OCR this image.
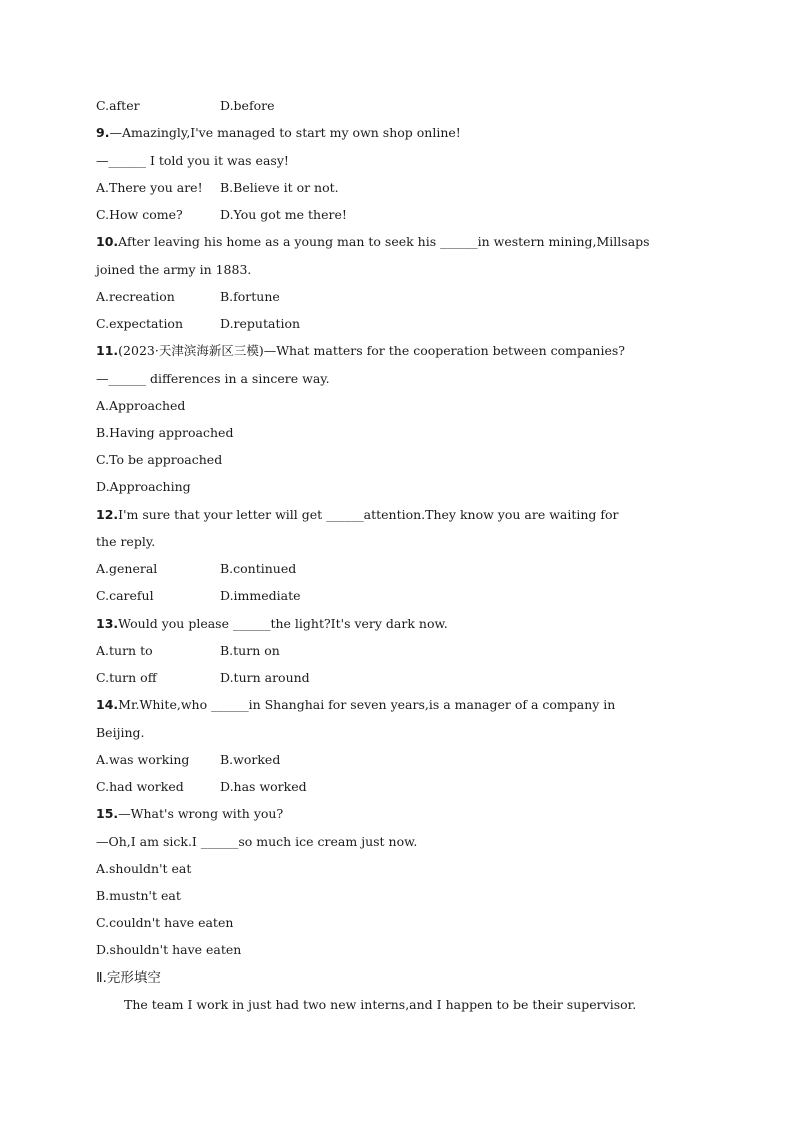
C.after	D.before
9.—Amazingly,I've managed to start my own shop online!
—______ I told you it was easy!
A.There you are! B.Believe it or not.
C.How come?	D.You got me there!
10.After leaving his home as a young man to seek his ______in western mining,Millsaps
joined the army in 1883.
A.recreation	B.fortune
C.expectation	D.reputation
11.(2023·天津滨海新区三模)—What matters for the cooperation between companies?
—______ differences in a sincere way.
A.Approached
B.Having approached
C.To be approached
D.Approaching
12.I'm sure that your letter will get ______attention.They know you are waiting for
the reply.
A.general	B.continued
C.careful	D.immediate
13.Would you please ______the light?It's very dark now.
A.turn to	B.turn on
C.turn off	D.turn around
14.Mr.White,who ______in Shanghai for seven years,is a manager of a company in
Beijing.
A.was working B.worked
C.had worked	D.has worked
15.—What's wrong with you?
—Oh,I am sick.I ______so much ice cream just now.
A.shouldn't eat
B.mustn't eat
C.couldn't have eaten
D.shouldn't have eaten
Ⅱ.完形填空
The team I work in just had two new interns,and I happen to be their supervisor.
